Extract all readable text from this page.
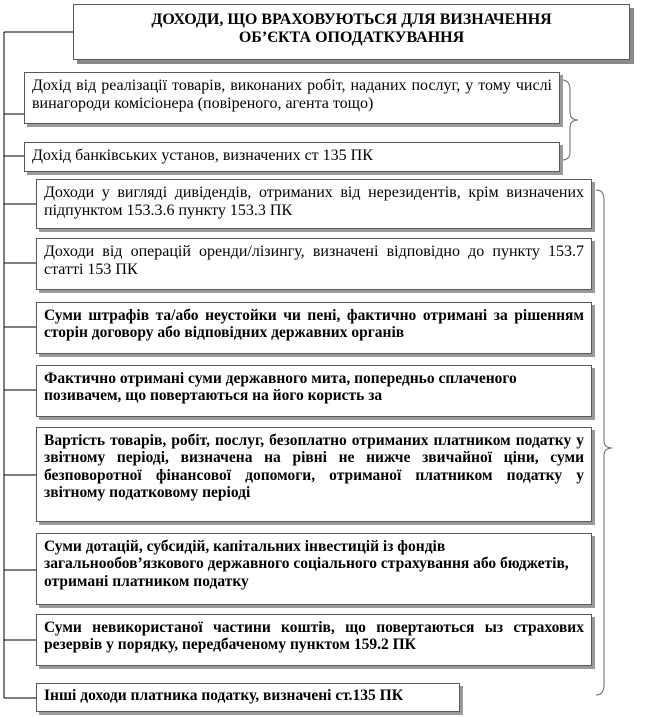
ДОХОДИ, ЩО ВРАХОВУЮТЬСЯ ДЛЯ ВИЗНАЧЕННЯ
ОБ’ЄКТА ОПОДАТКУВАННЯ
Дохід від реалізації товарів, виконаних робіт, наданих послуг, у тому числі винагороди комісіонера (повіреного, агента тощо)
Дохід банківських установ, визначених ст 135 ПК
Доходи у вигляді дивідендів, отриманих від нерезидентів, крім визначених підпунктом 153.3.6 пункту 153.3 ПК
Доходи від операцій оренди/лізингу, визначені відповідно до пункту 153.7 статті 153 ПК
Суми штрафів та/або неустойки чи пені, фактично отримані за рішенням сторін договору або відповідних державних органів
Фактично отримані суми державного мита, попередньо сплаченого позивачем, що повертаються на його користь за
Вартість товарів, робіт, послуг, безоплатно отриманих платником податку у звітному періоді, визначена на рівні не нижче звичайної ціни, суми безповоротної фінансової допомоги, отриманої платником податку у звітному податковому періоді
Суми дотацій, субсидій, капітальних інвестицій із фондів загальнообов’язкового державного соціального страхування або бюджетів, отримані платником податку
Суми невикористаної частини коштів, що повертаються ыз страхових резервів у порядку, передбаченому пунктом 159.2 ПК
Інші доходи платника податку, визначені ст.135 ПК
